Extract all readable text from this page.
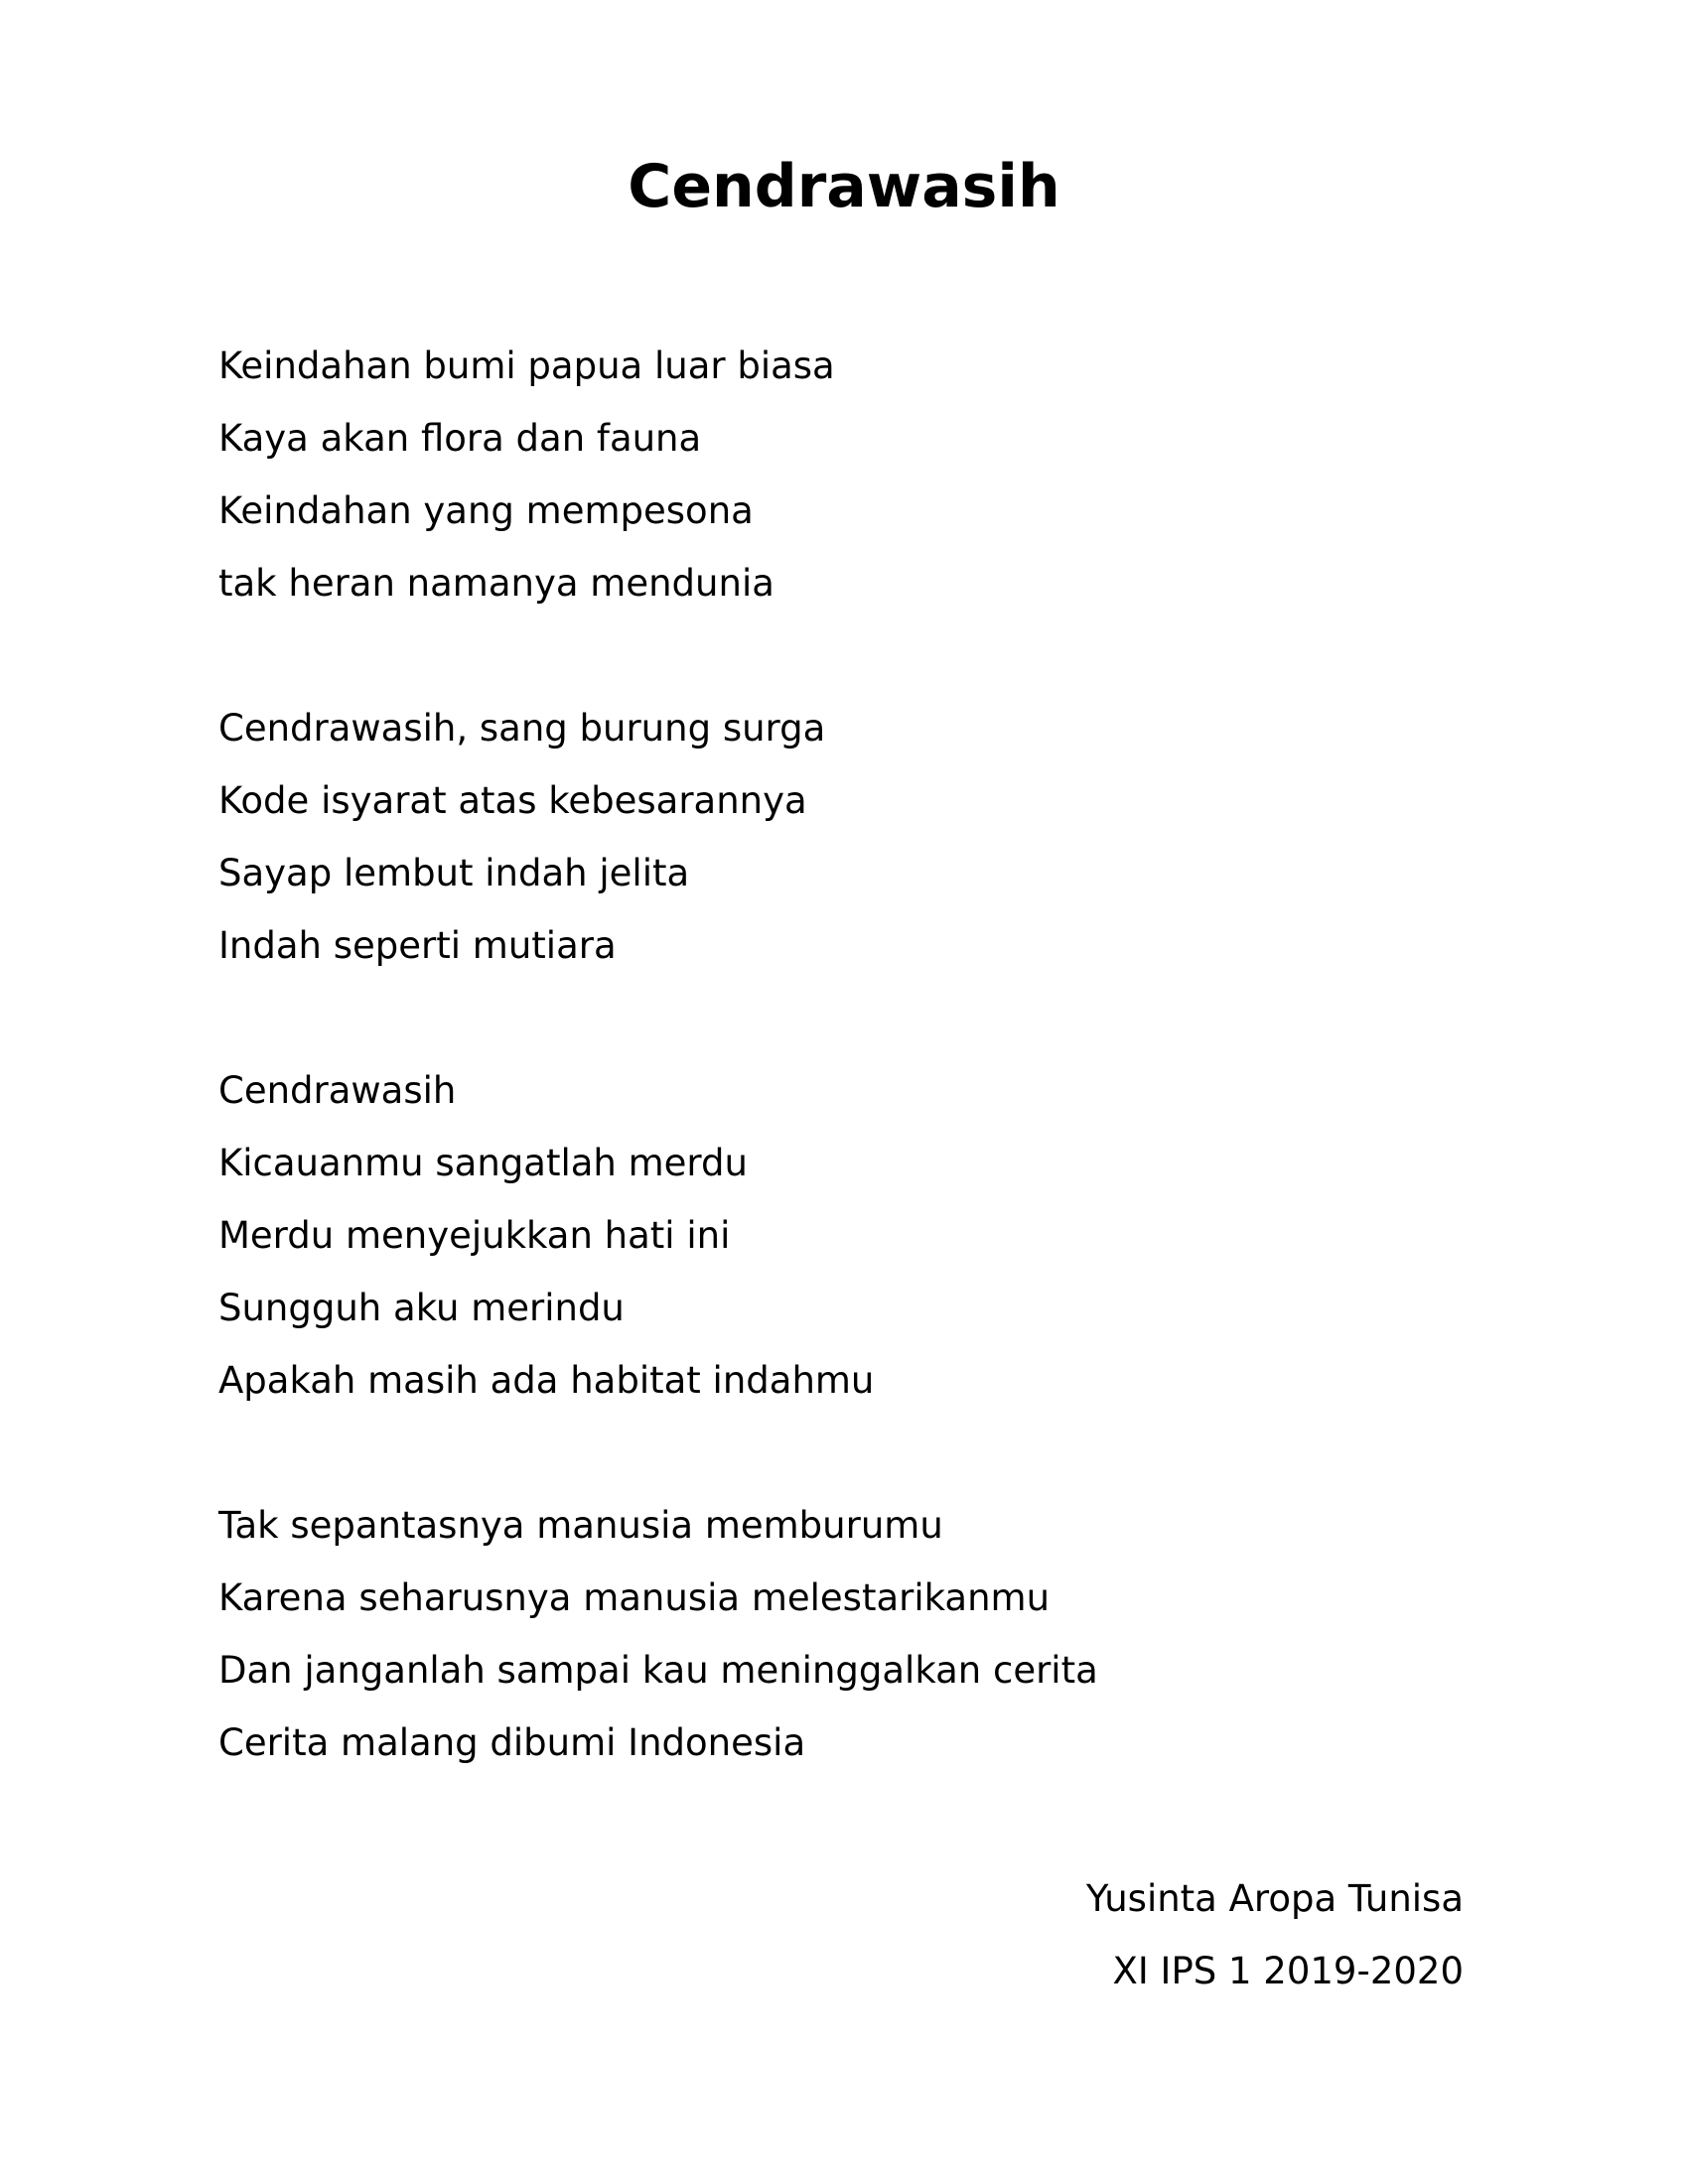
Cendrawasih
Keindahan bumi papua luar biasa
Kaya akan flora dan fauna
Keindahan yang mempesona
tak heran namanya mendunia
Cendrawasih, sang burung surga
Kode isyarat atas kebesarannya
Sayap lembut indah jelita
Indah seperti mutiara
Cendrawasih
Kicauanmu sangatlah merdu
Merdu menyejukkan hati ini
Sungguh aku merindu
Apakah masih ada habitat indahmu
Tak sepantasnya manusia memburumu
Karena seharusnya manusia melestarikanmu
Dan janganlah sampai kau meninggalkan cerita
Cerita malang dibumi Indonesia
Yusinta Aropa Tunisa
XI IPS 1 2019-2020
